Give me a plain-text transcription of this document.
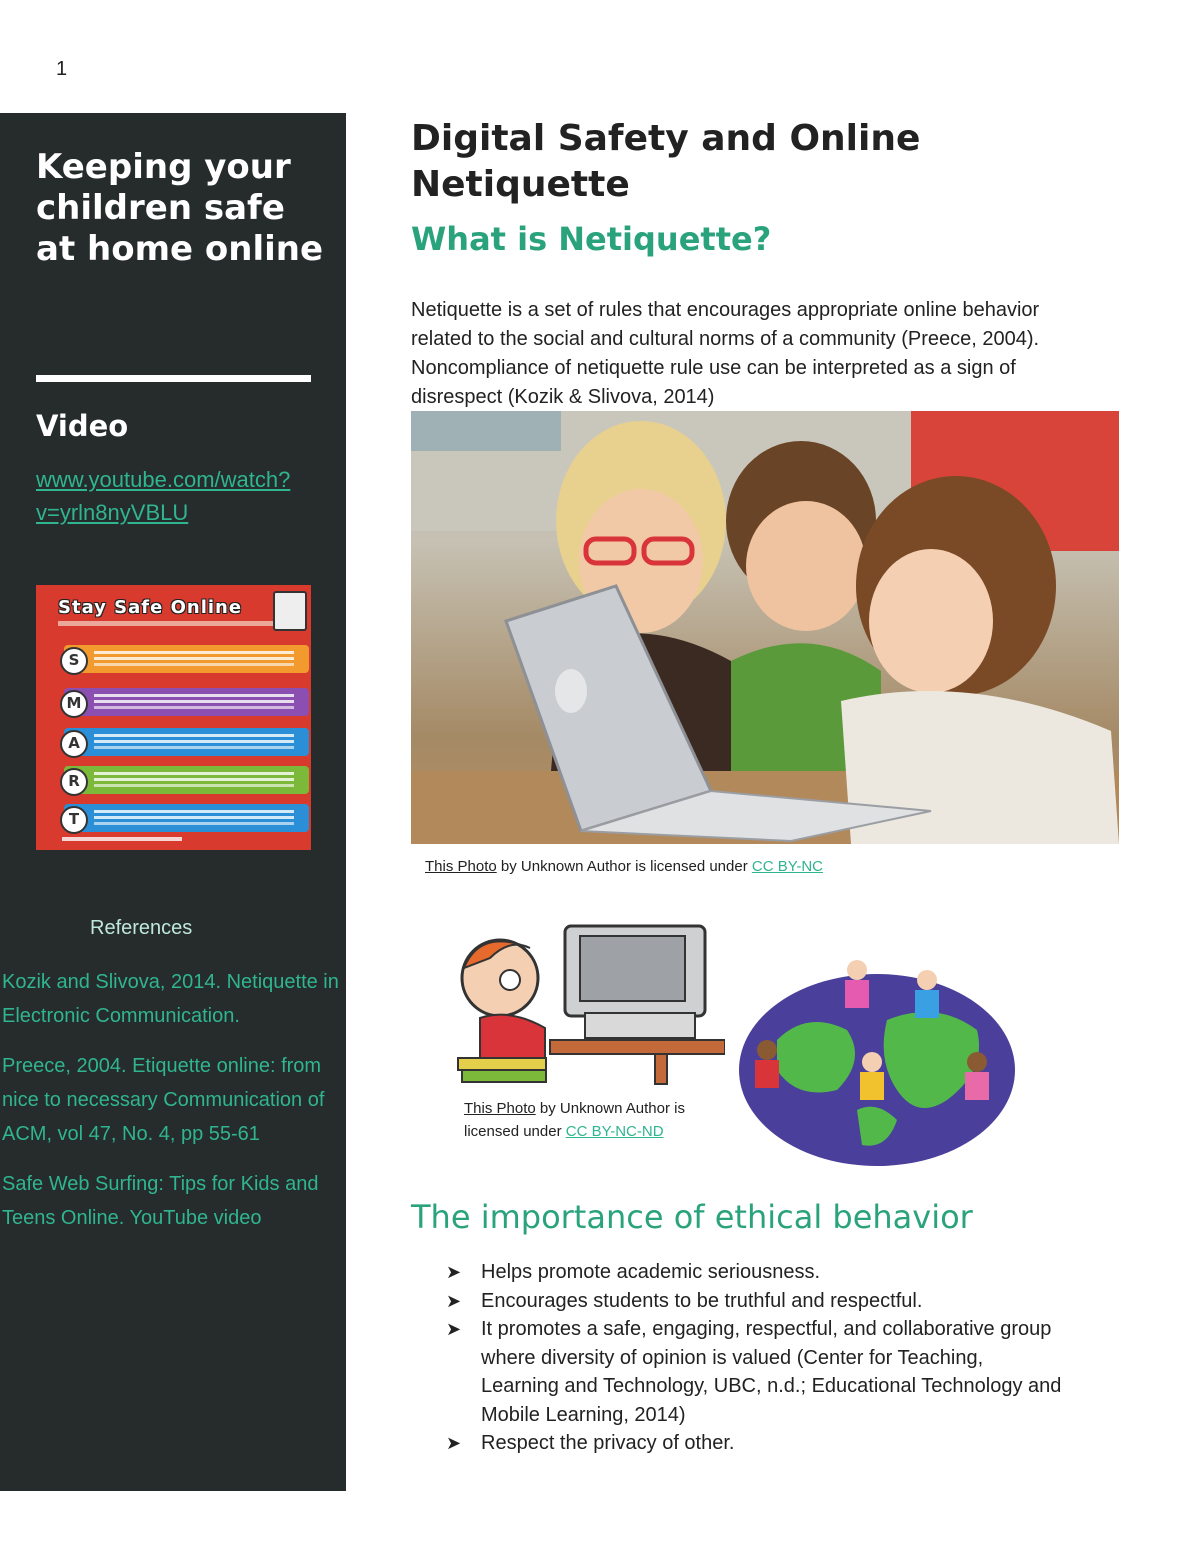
1
Keeping your children safe at home online
Video
www.youtube.com/​watch?v=yrln8nyVBLU
Stay Safe Online
S
M
A
R
T
References

Kozik and Slivova, 2014. Netiquette in Electronic Communication.

Preece, 2004. Etiquette online: from nice to necessary Communication of ACM, vol 47, No. 4, pp 55-61

Safe Web Surfing: Tips for Kids and Teens Online. YouTube video

Digital Safety and Online Netiquette
What is Netiquette?

Netiquette is a set of rules that encourages appropriate online behavior related to the social and cultural norms of a community (Preece, 2004). Noncompliance of netiquette rule use can be interpreted as a sign of disrespect (Kozik & Slivova, 2014)

This Photo by Unknown Author is licensed under CC BY-NC
This Photo by Unknown Author is licensed under CC BY-NC-ND
The importance of ethical behavior
➤ Helps promote academic seriousness.
➤ Encourages students to be truthful and respectful.
➤ It promotes a safe, engaging, respectful, and collaborative group where diversity of opinion is valued (Center for Teaching, Learning and Technology, UBC, n.d.; Educational Technology and Mobile Learning, 2014)
➤ Respect the privacy of other.
